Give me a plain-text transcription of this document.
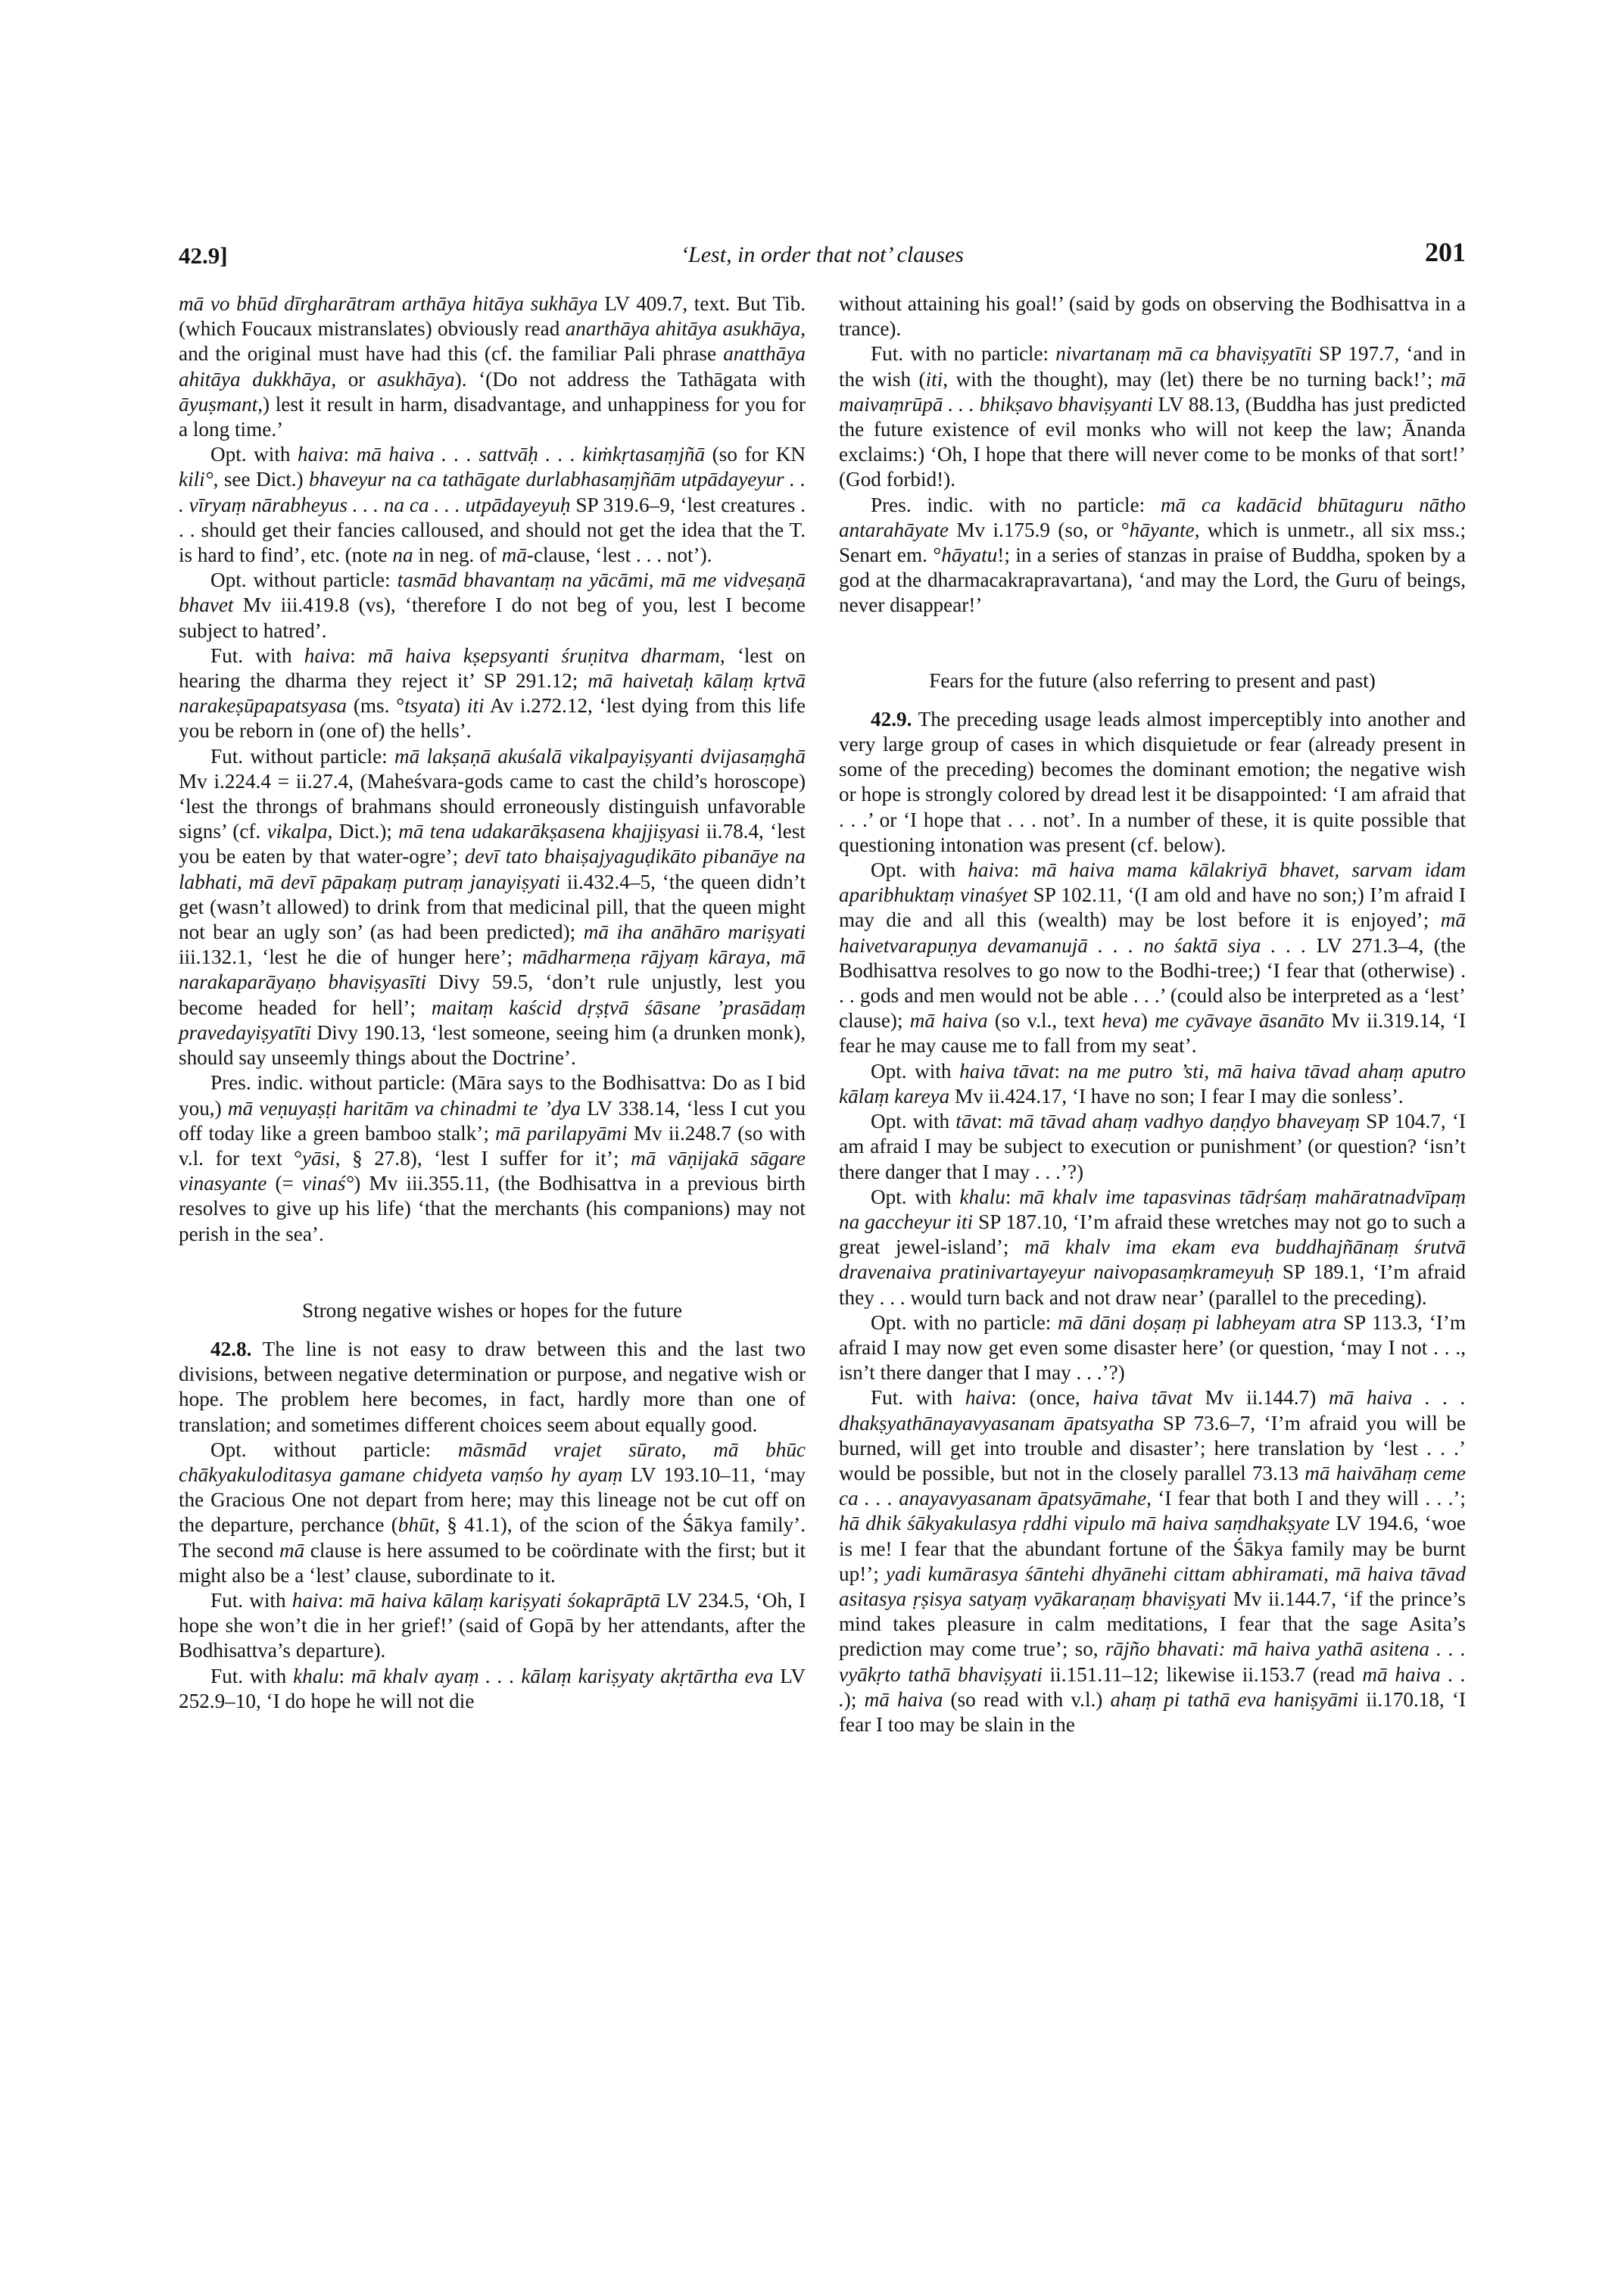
42.9]	‘Lest, in order that not’ clauses	201

mā vo bhūd dīrgharātram arthāya hitāya sukhāya LV 409.7, text. But Tib. (which Foucaux mistranslates) obviously read anarthāya ahitāya asukhāya, and the original must have had this (cf. the familiar Pali phrase anatthāya ahitāya dukkhāya, or asukhāya). ‘(Do not address the Tathāgata with āyuṣmant,) lest it result in harm, disadvantage, and unhappiness for you for a long time.’

Opt. with haiva: mā haiva . . . sattvāḥ . . . kiṁkṛtasaṃjñā (so for KN kili°, see Dict.) bhaveyur na ca tathāgate durlabhasaṃjñām utpādayeyur . . . vīryaṃ nārabheyus . . . na ca . . . utpādayeyuḥ SP 319.6–9, ‘lest creatures . . . should get their fancies calloused, and should not get the idea that the T. is hard to find’, etc. (note na in neg. of mā-clause, ‘lest . . . not’).

Opt. without particle: tasmād bhavantaṃ na yācāmi, mā me vidveṣaṇā bhavet Mv iii.419.8 (vs), ‘therefore I do not beg of you, lest I become subject to hatred’.

Fut. with haiva: mā haiva kṣepsyanti śruṇitva dharmam, ‘lest on hearing the dharma they reject it’ SP 291.12; mā haivetaḥ kālaṃ kṛtvā narakeṣūpapatsyasa (ms. °tsyata) iti Av i.272.12, ‘lest dying from this life you be reborn in (one of) the hells’.

Fut. without particle: mā lakṣaṇā akuśalā vikalpayiṣyanti dvijasaṃghā Mv i.224.4 = ii.27.4, (Maheśvara-gods came to cast the child’s horoscope) ‘lest the throngs of brahmans should erroneously distinguish unfavorable signs’ (cf. vikalpa, Dict.); mā tena udakarākṣasena khajjiṣyasi ii.78.4, ‘lest you be eaten by that water-ogre’; devī tato bhaiṣajyaguḍikāto pibanāye na labhati, mā devī pāpakaṃ putraṃ janayiṣyati ii.432.4–5, ‘the queen didn’t get (wasn’t allowed) to drink from that medicinal pill, that the queen might not bear an ugly son’ (as had been predicted); mā iha anāhāro mariṣyati iii.132.1, ‘lest he die of hunger here’; mādharmeṇa rājyaṃ kāraya, mā narakaparāyaṇo bhaviṣyasīti Divy 59.5, ‘don’t rule unjustly, lest you become headed for hell’; maitaṃ kaścid dṛṣṭvā śāsane ’prasādaṃ pravedayiṣyatīti Divy 190.13, ‘lest someone, seeing him (a drunken monk), should say unseemly things about the Doctrine’.

Pres. indic. without particle: (Māra says to the Bodhisattva: Do as I bid you,) mā veṇuyaṣṭi haritām va chinadmi te ’dya LV 338.14, ‘less I cut you off today like a green bamboo stalk’; mā parilapyāmi Mv ii.248.7 (so with v.l. for text °yāsi, § 27.8), ‘lest I suffer for it’; mā vāṇijakā sāgare vinasyante (= vinaś°) Mv iii.355.11, (the Bodhisattva in a previous birth resolves to give up his life) ‘that the merchants (his companions) may not perish in the sea’.

Strong negative wishes or hopes for the future

42.8. The line is not easy to draw between this and the last two divisions, between negative determination or purpose, and negative wish or hope. The problem here becomes, in fact, hardly more than one of translation; and sometimes different choices seem about equally good.

Opt. without particle: māsmād vrajet sūrato, mā bhūc chākyakuloditasya gamane chidyeta vaṃśo hy ayaṃ LV 193.10–11, ‘may the Gracious One not depart from here; may this lineage not be cut off on the departure, perchance (bhūt, § 41.1), of the scion of the Śākya family’. The second mā clause is here assumed to be coördinate with the first; but it might also be a ‘lest’ clause, subordinate to it.

Fut. with haiva: mā haiva kālaṃ kariṣyati śokaprāptā LV 234.5, ‘Oh, I hope she won’t die in her grief!’ (said of Gopā by her attendants, after the Bodhisattva’s departure).

Fut. with khalu: mā khalv ayaṃ . . . kālaṃ kariṣyaty akṛtārtha eva LV 252.9–10, ‘I do hope he will not die

without attaining his goal!’ (said by gods on observing the Bodhisattva in a trance).

Fut. with no particle: nivartanaṃ mā ca bhaviṣyatīti SP 197.7, ‘and in the wish (iti, with the thought), may (let) there be no turning back!’; mā maivaṃrūpā . . . bhikṣavo bhaviṣyanti LV 88.13, (Buddha has just predicted the future existence of evil monks who will not keep the law; Ānanda exclaims:) ‘Oh, I hope that there will never come to be monks of that sort!’ (God forbid!).

Pres. indic. with no particle: mā ca kadācid bhūtaguru nātho antarahāyate Mv i.175.9 (so, or °hāyante, which is unmetr., all six mss.; Senart em. °hāyatu!; in a series of stanzas in praise of Buddha, spoken by a god at the dharmacakrapravartana), ‘and may the Lord, the Guru of beings, never disappear!’

Fears for the future (also referring to present and past)

42.9. The preceding usage leads almost imperceptibly into another and very large group of cases in which disquietude or fear (already present in some of the preceding) becomes the dominant emotion; the negative wish or hope is strongly colored by dread lest it be disappointed: ‘I am afraid that . . .’ or ‘I hope that . . . not’. In a number of these, it is quite possible that questioning intonation was present (cf. below).

Opt. with haiva: mā haiva mama kālakriyā bhavet, sarvam idam aparibhuktaṃ vinaśyet SP 102.11, ‘(I am old and have no son;) I’m afraid I may die and all this (wealth) may be lost before it is enjoyed’; mā haivetvarapuṇya devamanujā . . . no śaktā siya . . . LV 271.3–4, (the Bodhisattva resolves to go now to the Bodhi-tree;) ‘I fear that (otherwise) . . . gods and men would not be able . . .’ (could also be interpreted as a ‘lest’ clause); mā haiva (so v.l., text heva) me cyāvaye āsanāto Mv ii.319.14, ‘I fear he may cause me to fall from my seat’.

Opt. with haiva tāvat: na me putro ’sti, mā haiva tāvad ahaṃ aputro kālaṃ kareya Mv ii.424.17, ‘I have no son; I fear I may die sonless’.

Opt. with tāvat: mā tāvad ahaṃ vadhyo daṇḍyo bhaveyaṃ SP 104.7, ‘I am afraid I may be subject to execution or punishment’ (or question? ‘isn’t there danger that I may . . .’?)

Opt. with khalu: mā khalv ime tapasvinas tādṛśaṃ mahāratnadvīpaṃ na gaccheyur iti SP 187.10, ‘I’m afraid these wretches may not go to such a great jewel-island’; mā khalv ima ekam eva buddhajñānaṃ śrutvā dravenaiva pratinivartayeyur naivopasaṃkrameyuḥ SP 189.1, ‘I’m afraid they . . . would turn back and not draw near’ (parallel to the preceding).

Opt. with no particle: mā dāni doṣaṃ pi labheyam atra SP 113.3, ‘I’m afraid I may now get even some disaster here’ (or question, ‘may I not . . ., isn’t there danger that I may . . .’?)

Fut. with haiva: (once, haiva tāvat Mv ii.144.7) mā haiva . . . dhakṣyathānayavyasanam āpatsyatha SP 73.6–7, ‘I’m afraid you will be burned, will get into trouble and disaster’; here translation by ‘lest . . .’ would be possible, but not in the closely parallel 73.13 mā haivāhaṃ ceme ca . . . anayavyasanam āpatsyāmahe, ‘I fear that both I and they will . . .’; hā dhik śākyakulasya ṛddhi vipulo mā haiva saṃdhakṣyate LV 194.6, ‘woe is me! I fear that the abundant fortune of the Śākya family may be burnt up!’; yadi kumārasya śāntehi dhyānehi cittam abhiramati, mā haiva tāvad asitasya ṛṣisya satyaṃ vyākaraṇaṃ bhaviṣyati Mv ii.144.7, ‘if the prince’s mind takes pleasure in calm meditations, I fear that the sage Asita’s prediction may come true’; so, rājño bhavati: mā haiva yathā asitena . . . vyākṛto tathā bhaviṣyati ii.151.11–12; likewise ii.153.7 (read mā haiva . . .); mā haiva (so read with v.l.) ahaṃ pi tathā eva haniṣyāmi ii.170.18, ‘I fear I too may be slain in the
